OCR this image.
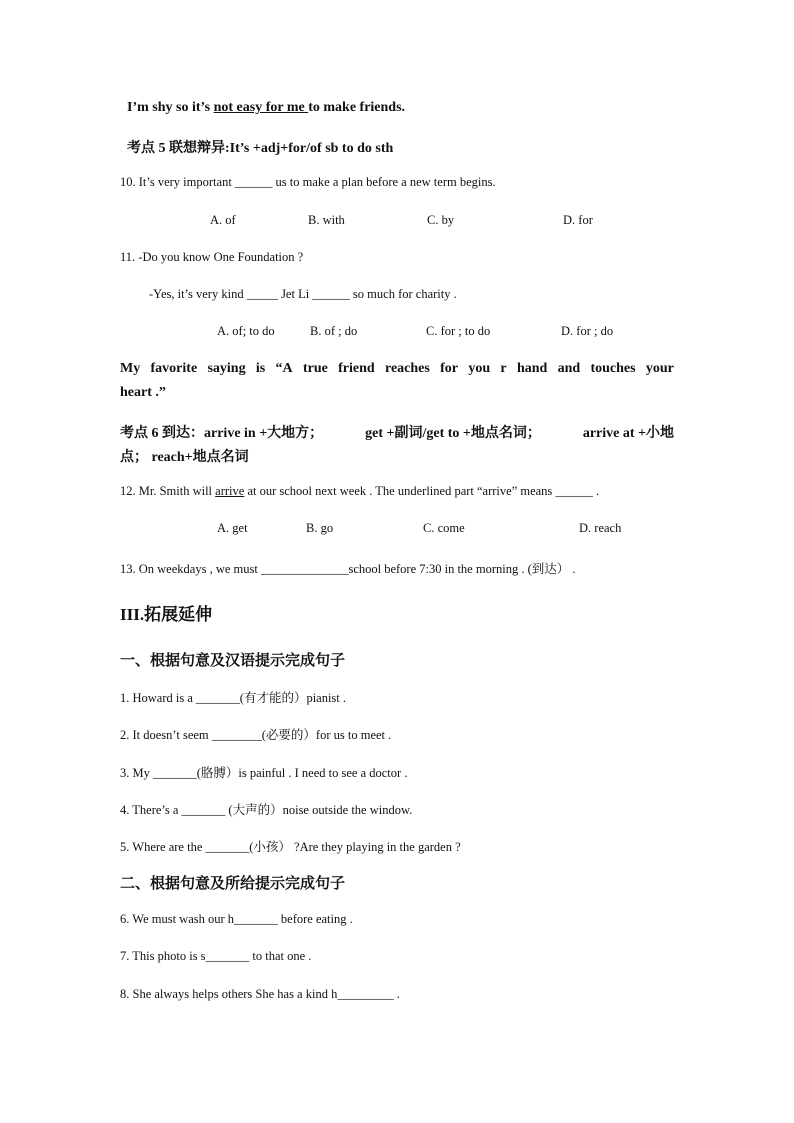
I’m shy so it’s not easy for me to make friends.
考点 5 联想辩异:It’s +adj+for/of sb to do sth
10. It’s very important ______ us to make a plan before a new term begins.
A. of	B. with	C. by	D. for
11. -Do you know One Foundation ?
-Yes, it’s very kind _____ Jet Li ______ so much for charity .
A. of; to do	B. of ; do	C. for ; to do	D. for ; do
My favorite saying is “A true friend reaches for you r hand and touches your
heart .”
考点 6 到达：arrive in +大地方；	get +副词/get to +地点名词；	arrive at +小地
点； reach+地点名词
12. Mr. Smith will arrive at our school next week . The underlined part “arrive” means ______ .
A. get	B. go	C. come	D. reach
13. On weekdays , we must ______________school before 7:30 in the morning . (到达） .
III.拓展延伸
一、根据句意及汉语提示完成句子
1. Howard is a _______(有才能的）pianist .
2. It doesn’t seem ________(必要的）for us to meet .
3. My _______(胳膊）is painful . I need to see a doctor .
4. There’s a _______ (大声的）noise outside the window.
5. Where are the _______(小孩） ?Are they playing in the garden ?
二、根据句意及所给提示完成句子
6. We must wash our h_______ before eating .
7. This photo is s_______ to that one .
8. She always helps others She has a kind h_________ .
